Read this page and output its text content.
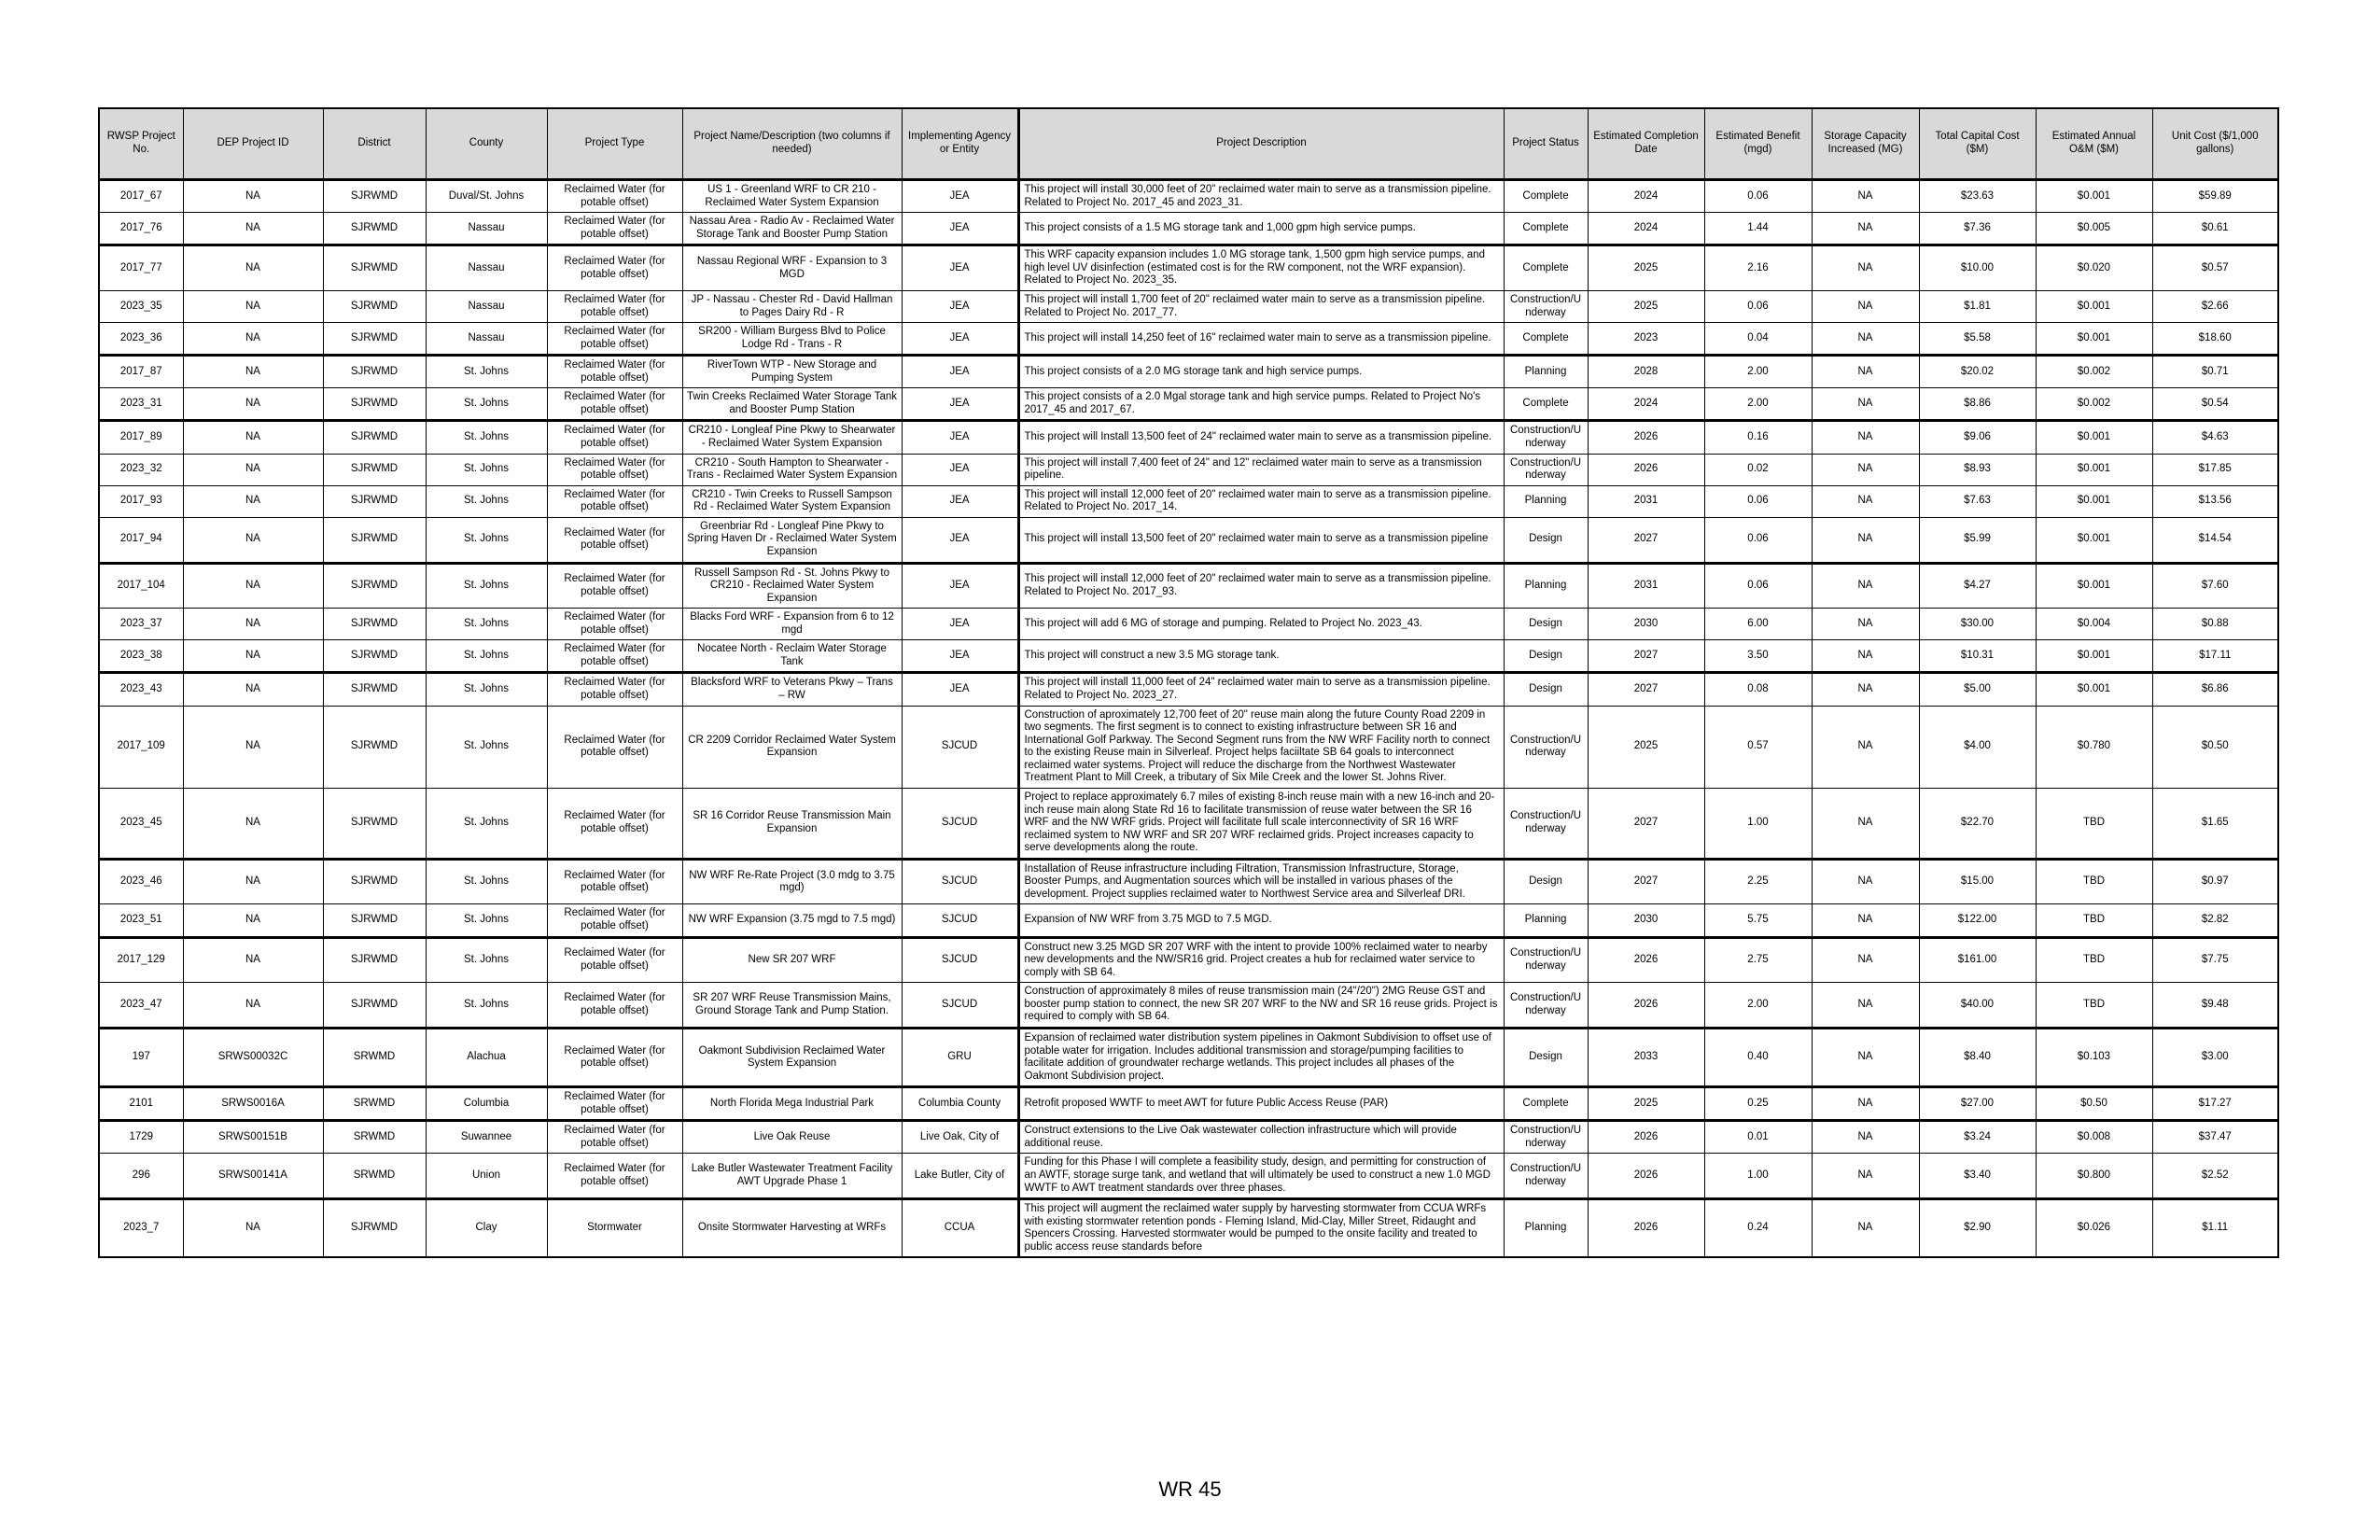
RWSP Project No.	DEP Project ID	District	County	Project Type	Project Name/Description (two columns if needed)	Implementing Agency or Entity	Project Description	Project Status	Estimated Completion Date	Estimated Benefit (mgd)	Storage Capacity Increased (MG)	Total Capital Cost ($M)	Estimated Annual O&M ($M)	Unit Cost ($/1,000 gallons)
2017_67	NA	SJRWMD	Duval/St. Johns	Reclaimed Water (for potable offset)	US 1 - Greenland WRF to CR 210 - Reclaimed Water System Expansion	JEA	This project will install 30,000 feet of 20" reclaimed water main to serve as a transmission pipeline. Related to Project No. 2017_45 and 2023_31.	Complete	2024	0.06	NA	$23.63	$0.001	$59.89
2017_76	NA	SJRWMD	Nassau	Reclaimed Water (for potable offset)	Nassau Area - Radio Av - Reclaimed Water Storage Tank and Booster Pump Station	JEA	This project consists of a 1.5 MG storage tank and 1,000 gpm high service pumps.	Complete	2024	1.44	NA	$7.36	$0.005	$0.61
2017_77	NA	SJRWMD	Nassau	Reclaimed Water (for potable offset)	Nassau Regional WRF - Expansion to 3 MGD	JEA	This WRF capacity expansion includes 1.0 MG storage tank, 1,500 gpm high service pumps, and high level UV disinfection (estimated cost is for the RW component, not the WRF expansion). Related to Project No. 2023_35.	Complete	2025	2.16	NA	$10.00	$0.020	$0.57
2023_35	NA	SJRWMD	Nassau	Reclaimed Water (for potable offset)	JP - Nassau - Chester Rd - David Hallman to Pages Dairy Rd - R	JEA	This project will install 1,700 feet of 20" reclaimed water main to serve as a transmission pipeline. Related to Project No. 2017_77.	Construction/Underway	2025	0.06	NA	$1.81	$0.001	$2.66
2023_36	NA	SJRWMD	Nassau	Reclaimed Water (for potable offset)	SR200 - William Burgess Blvd to Police Lodge Rd - Trans - R	JEA	This project will install 14,250 feet of 16" reclaimed water main to serve as a transmission pipeline.	Complete	2023	0.04	NA	$5.58	$0.001	$18.60
2017_87	NA	SJRWMD	St. Johns	Reclaimed Water (for potable offset)	RiverTown WTP - New Storage and Pumping System	JEA	This project consists of a 2.0 MG storage tank and high service pumps.	Planning	2028	2.00	NA	$20.02	$0.002	$0.71
2023_31	NA	SJRWMD	St. Johns	Reclaimed Water (for potable offset)	Twin Creeks Reclaimed Water Storage Tank and Booster Pump Station	JEA	This project consists of a 2.0 Mgal storage tank and high service pumps. Related to Project No's 2017_45 and 2017_67.	Complete	2024	2.00	NA	$8.86	$0.002	$0.54
2017_89	NA	SJRWMD	St. Johns	Reclaimed Water (for potable offset)	CR210 - Longleaf Pine Pkwy to Shearwater - Reclaimed Water System Expansion	JEA	This project will Install 13,500 feet of 24" reclaimed water main to serve as a transmission pipeline.	Construction/Underway	2026	0.16	NA	$9.06	$0.001	$4.63
2023_32	NA	SJRWMD	St. Johns	Reclaimed Water (for potable offset)	CR210 - South Hampton to Shearwater - Trans - Reclaimed Water System Expansion	JEA	This project will install 7,400 feet of 24" and 12" reclaimed water main to serve as a transmission pipeline.	Construction/Underway	2026	0.02	NA	$8.93	$0.001	$17.85
2017_93	NA	SJRWMD	St. Johns	Reclaimed Water (for potable offset)	CR210 - Twin Creeks to Russell Sampson Rd - Reclaimed Water System Expansion	JEA	This project will install 12,000 feet of 20" reclaimed water main to serve as a transmission pipeline. Related to Project No. 2017_14.	Planning	2031	0.06	NA	$7.63	$0.001	$13.56
2017_94	NA	SJRWMD	St. Johns	Reclaimed Water (for potable offset)	Greenbriar Rd - Longleaf Pine Pkwy to Spring Haven Dr - Reclaimed Water System Expansion	JEA	This project will install 13,500 feet of 20" reclaimed water main to serve as a transmission pipeline	Design	2027	0.06	NA	$5.99	$0.001	$14.54
2017_104	NA	SJRWMD	St. Johns	Reclaimed Water (for potable offset)	Russell Sampson Rd - St. Johns Pkwy to CR210 - Reclaimed Water System Expansion	JEA	This project will install 12,000 feet of 20" reclaimed water main to serve as a transmission pipeline. Related to Project No. 2017_93.	Planning	2031	0.06	NA	$4.27	$0.001	$7.60
2023_37	NA	SJRWMD	St. Johns	Reclaimed Water (for potable offset)	Blacks Ford WRF - Expansion from 6 to 12 mgd	JEA	This project will add 6 MG of storage and pumping. Related to Project No. 2023_43.	Design	2030	6.00	NA	$30.00	$0.004	$0.88
2023_38	NA	SJRWMD	St. Johns	Reclaimed Water (for potable offset)	Nocatee North - Reclaim Water Storage Tank	JEA	This project will construct a new 3.5 MG storage tank.	Design	2027	3.50	NA	$10.31	$0.001	$17.11
2023_43	NA	SJRWMD	St. Johns	Reclaimed Water (for potable offset)	Blacksford WRF to Veterans Pkwy – Trans – RW	JEA	This project will install 11,000 feet of 24" reclaimed water main to serve as a transmission pipeline. Related to Project No. 2023_27.	Design	2027	0.08	NA	$5.00	$0.001	$6.86
2017_109	NA	SJRWMD	St. Johns	Reclaimed Water (for potable offset)	CR 2209 Corridor Reclaimed Water System Expansion	SJCUD	Construction of aproximately 12,700 feet of 20" reuse main along the future County Road 2209 in two segments. The first segment is to connect to existing infrastructure between SR 16 and International Golf Parkway. The Second Segment runs from the NW WRF Facility north to connect to the existing Reuse main in Silverleaf. Project helps faciiltate SB 64 goals to interconnect reclaimed water systems. Project will reduce the discharge from the Northwest Wastewater Treatment Plant to Mill Creek, a tributary of Six Mile Creek and the lower St. Johns River.	Construction/Underway	2025	0.57	NA	$4.00	$0.780	$0.50
2023_45	NA	SJRWMD	St. Johns	Reclaimed Water (for potable offset)	SR 16 Corridor Reuse Transmission Main Expansion	SJCUD	Project to replace approximately 6.7 miles of existing 8-inch reuse main with a new 16-inch and 20-inch reuse main along State Rd 16 to facilitate transmission of reuse water between the SR 16 WRF and the NW WRF grids. Project will facilitate full scale interconnectivity of SR 16 WRF reclaimed system to NW WRF and SR 207 WRF reclaimed grids. Project increases capacity to serve developments along the route.	Construction/Underway	2027	1.00	NA	$22.70	TBD	$1.65
2023_46	NA	SJRWMD	St. Johns	Reclaimed Water (for potable offset)	NW WRF Re-Rate Project (3.0 mdg to 3.75 mgd)	SJCUD	Installation of Reuse infrastructure including Filtration, Transmission Infrastructure, Storage, Booster Pumps, and Augmentation sources which will be installed in various phases of the development. Project supplies reclaimed water to Northwest Service area and Silverleaf DRI.	Design	2027	2.25	NA	$15.00	TBD	$0.97
2023_51	NA	SJRWMD	St. Johns	Reclaimed Water (for potable offset)	NW WRF Expansion (3.75 mgd to 7.5 mgd)	SJCUD	Expansion of NW WRF from 3.75 MGD to 7.5 MGD.	Planning	2030	5.75	NA	$122.00	TBD	$2.82
2017_129	NA	SJRWMD	St. Johns	Reclaimed Water (for potable offset)	New SR 207 WRF	SJCUD	Construct new 3.25 MGD SR 207 WRF with the intent to provide 100% reclaimed water to nearby new developments and the NW/SR16 grid. Project creates a hub for reclaimed water service to comply with SB 64.	Construction/Underway	2026	2.75	NA	$161.00	TBD	$7.75
2023_47	NA	SJRWMD	St. Johns	Reclaimed Water (for potable offset)	SR 207 WRF Reuse Transmission Mains, Ground Storage Tank and Pump Station.	SJCUD	Construction of approximately 8 miles of reuse transmission main (24"/20") 2MG Reuse GST and booster pump station to connect, the new SR 207 WRF to the NW and SR 16 reuse grids. Project is required to comply with SB 64.	Construction/Underway	2026	2.00	NA	$40.00	TBD	$9.48
197	SRWS00032C	SRWMD	Alachua	Reclaimed Water (for potable offset)	Oakmont Subdivision Reclaimed Water System Expansion	GRU	Expansion of reclaimed water distribution system pipelines in Oakmont Subdivision to offset use of potable water for irrigation. Includes additional transmission and storage/pumping facilities to facilitate addition of groundwater recharge wetlands. This project includes all phases of the Oakmont Subdivision project.	Design	2033	0.40	NA	$8.40	$0.103	$3.00
2101	SRWS0016A	SRWMD	Columbia	Reclaimed Water (for potable offset)	North Florida Mega Industrial Park	Columbia County	Retrofit proposed WWTF to meet AWT for future Public Access Reuse (PAR)	Complete	2025	0.25	NA	$27.00	$0.50	$17.27
1729	SRWS00151B	SRWMD	Suwannee	Reclaimed Water (for potable offset)	Live Oak Reuse	Live Oak, City of	Construct extensions to the Live Oak wastewater collection infrastructure which will provide additional reuse.	Construction/Underway	2026	0.01	NA	$3.24	$0.008	$37.47
296	SRWS00141A	SRWMD	Union	Reclaimed Water (for potable offset)	Lake Butler Wastewater Treatment Facility AWT Upgrade Phase 1	Lake Butler, City of	Funding for this Phase I will complete a feasibility study, design, and permitting for construction of an AWTF, storage surge tank, and wetland that will ultimately be used to construct a new 1.0 MGD WWTF to AWT treatment standards over three phases.	Construction/Underway	2026	1.00	NA	$3.40	$0.800	$2.52
2023_7	NA	SJRWMD	Clay	Stormwater	Onsite Stormwater Harvesting at WRFs	CCUA	This project will augment the reclaimed water supply by harvesting stormwater from CCUA WRFs with existing stormwater retention ponds - Fleming Island, Mid-Clay, Miller Street, Ridaught and Spencers Crossing. Harvested stormwater would be pumped to the onsite facility and treated to public access reuse standards before	Planning	2026	0.24	NA	$2.90	$0.026	$1.11
WR 45
